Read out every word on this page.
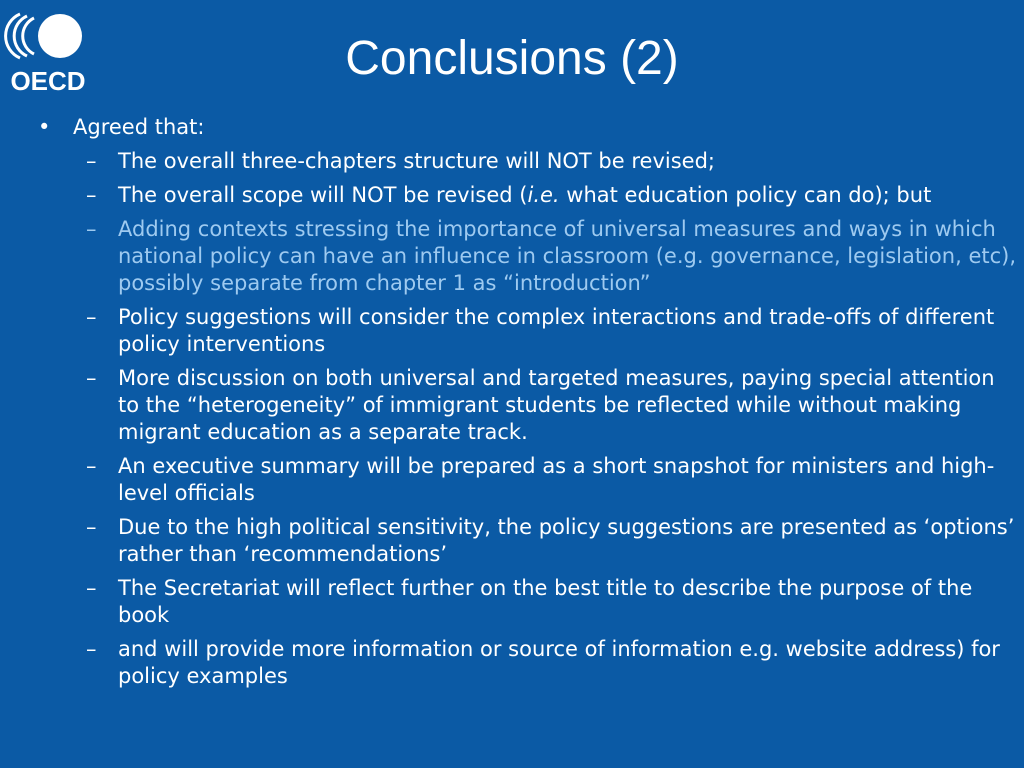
OECD	Conclusions (2)
• Agreed that:
– The overall three-chapters structure will NOT be revised;
– The overall scope will NOT be revised (i.e. what education policy can do); but
– Adding contexts stressing the importance of universal measures and ways in which national policy can have an influence in classroom (e.g. governance, legislation, etc), possibly separate from chapter 1 as “introduction”
– Policy suggestions will consider the complex interactions and trade-offs of different policy interventions
– More discussion on both universal and targeted measures, paying special attention to the “heterogeneity” of immigrant students be reflected while without making migrant education as a separate track.
– An executive summary will be prepared as a short snapshot for ministers and high-level officials
– Due to the high political sensitivity, the policy suggestions are presented as ‘options’ rather than ‘recommendations’
– The Secretariat will reflect further on the best title to describe the purpose of the book
– and will provide more information or source of information e.g. website address) for policy examples
